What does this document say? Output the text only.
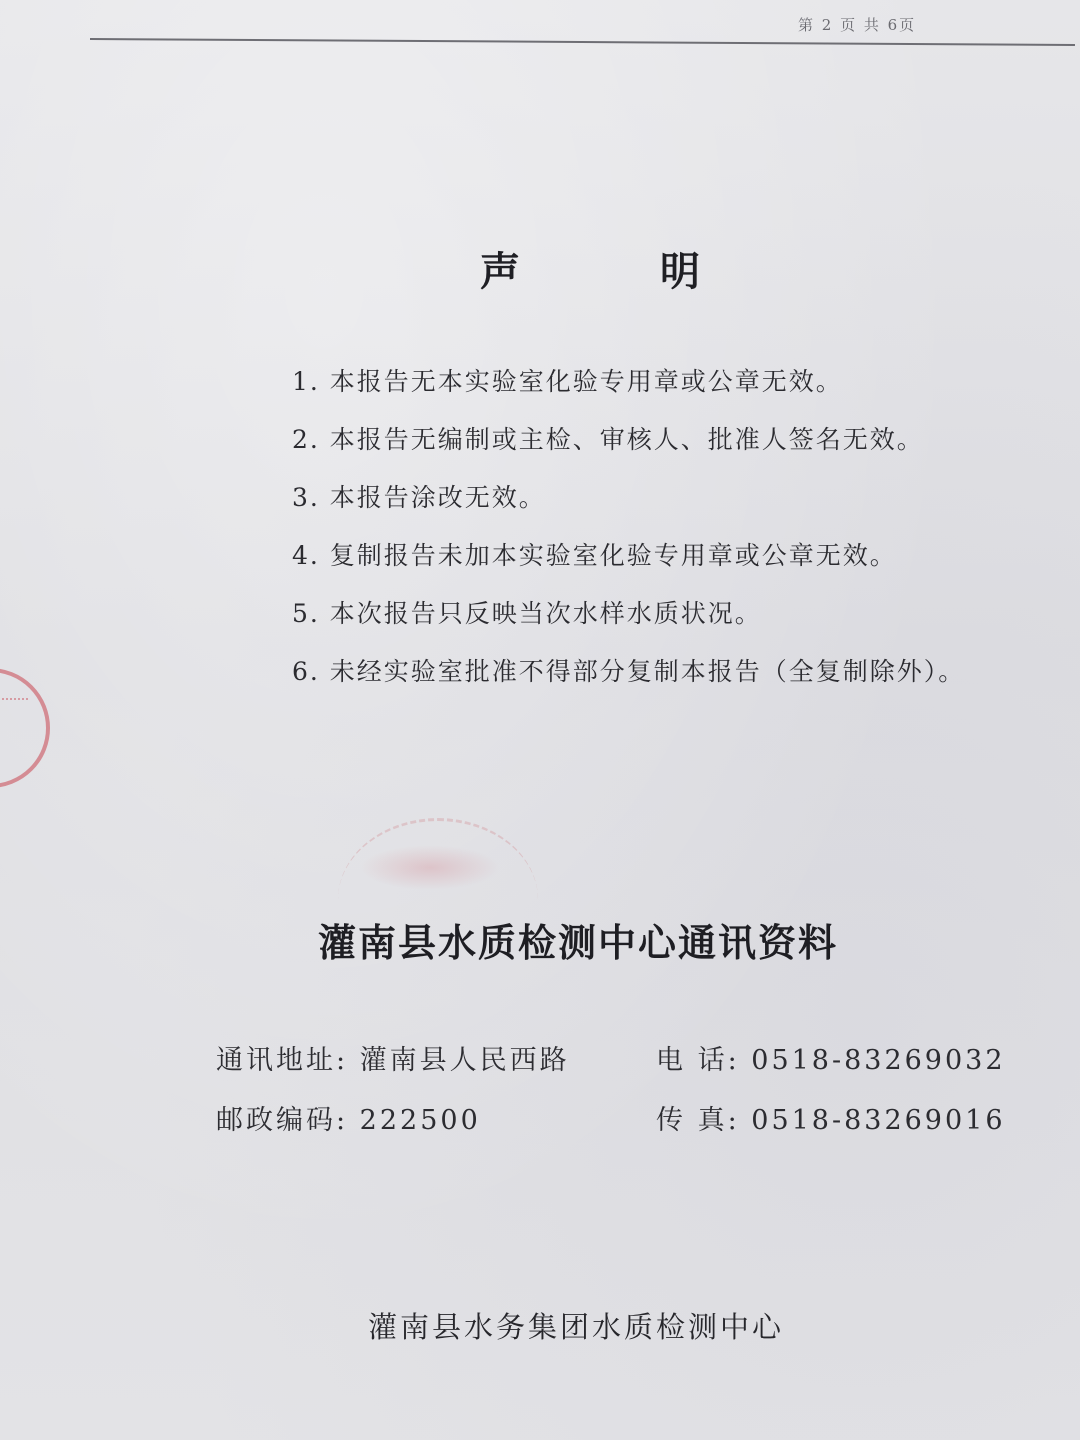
第 2 页 共 6页
声	明
1. 本报告无本实验室化验专用章或公章无效。
2. 本报告无编制或主检、审核人、批准人签名无效。
3. 本报告涂改无效。
4. 复制报告未加本实验室化验专用章或公章无效。
5. 本次报告只反映当次水样水质状况。
6. 未经实验室批准不得部分复制本报告（全复制除外）。
灌南县水质检测中心通讯资料
通讯地址: 灌南县人民西路	电 话: 0518-83269032
邮政编码: 222500	传 真: 0518-83269016
灌南县水务集团水质检测中心
